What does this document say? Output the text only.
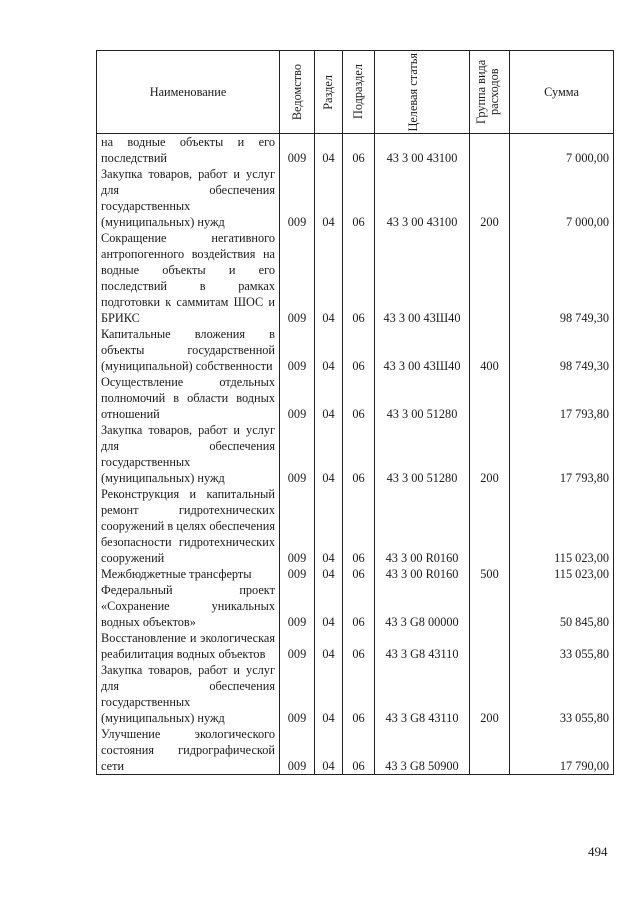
Наименование	Ведомство	Раздел	Подраздел	Целевая статья	Группа вида расходов	Сумма
на водные объекты и его последствий	009	04	06	43 3 00 43100		7 000,00
Закупка товаров, работ и услуг для обеспечения государственных (муниципальных) нужд	009	04	06	43 3 00 43100	200	7 000,00
Сокращение негативного антропогенного воздействия на водные объекты и его последствий в рамках подготовки к саммитам ШОС и БРИКС	009	04	06	43 3 00 43Ш40		98 749,30
Капитальные вложения в объекты государственной (муниципальной) собственности	009	04	06	43 3 00 43Ш40	400	98 749,30
Осуществление отдельных полномочий в области водных отношений	009	04	06	43 3 00 51280		17 793,80
Закупка товаров, работ и услуг для обеспечения государственных (муниципальных) нужд	009	04	06	43 3 00 51280	200	17 793,80
Реконструкция и капитальный ремонт гидротехнических сооружений в целях обеспечения безопасности гидротехнических сооружений	009	04	06	43 3 00 R0160		115 023,00
Межбюджетные трансферты	009	04	06	43 3 00 R0160	500	115 023,00
Федеральный проект «Сохранение уникальных водных объектов»	009	04	06	43 3 G8 00000		50 845,80
Восстановление и экологическая реабилитация водных объектов	009	04	06	43 3 G8 43110		33 055,80
Закупка товаров, работ и услуг для обеспечения государственных (муниципальных) нужд	009	04	06	43 3 G8 43110	200	33 055,80
Улучшение экологического состояния гидрографической сети	009	04	06	43 3 G8 50900		17 790,00
494
